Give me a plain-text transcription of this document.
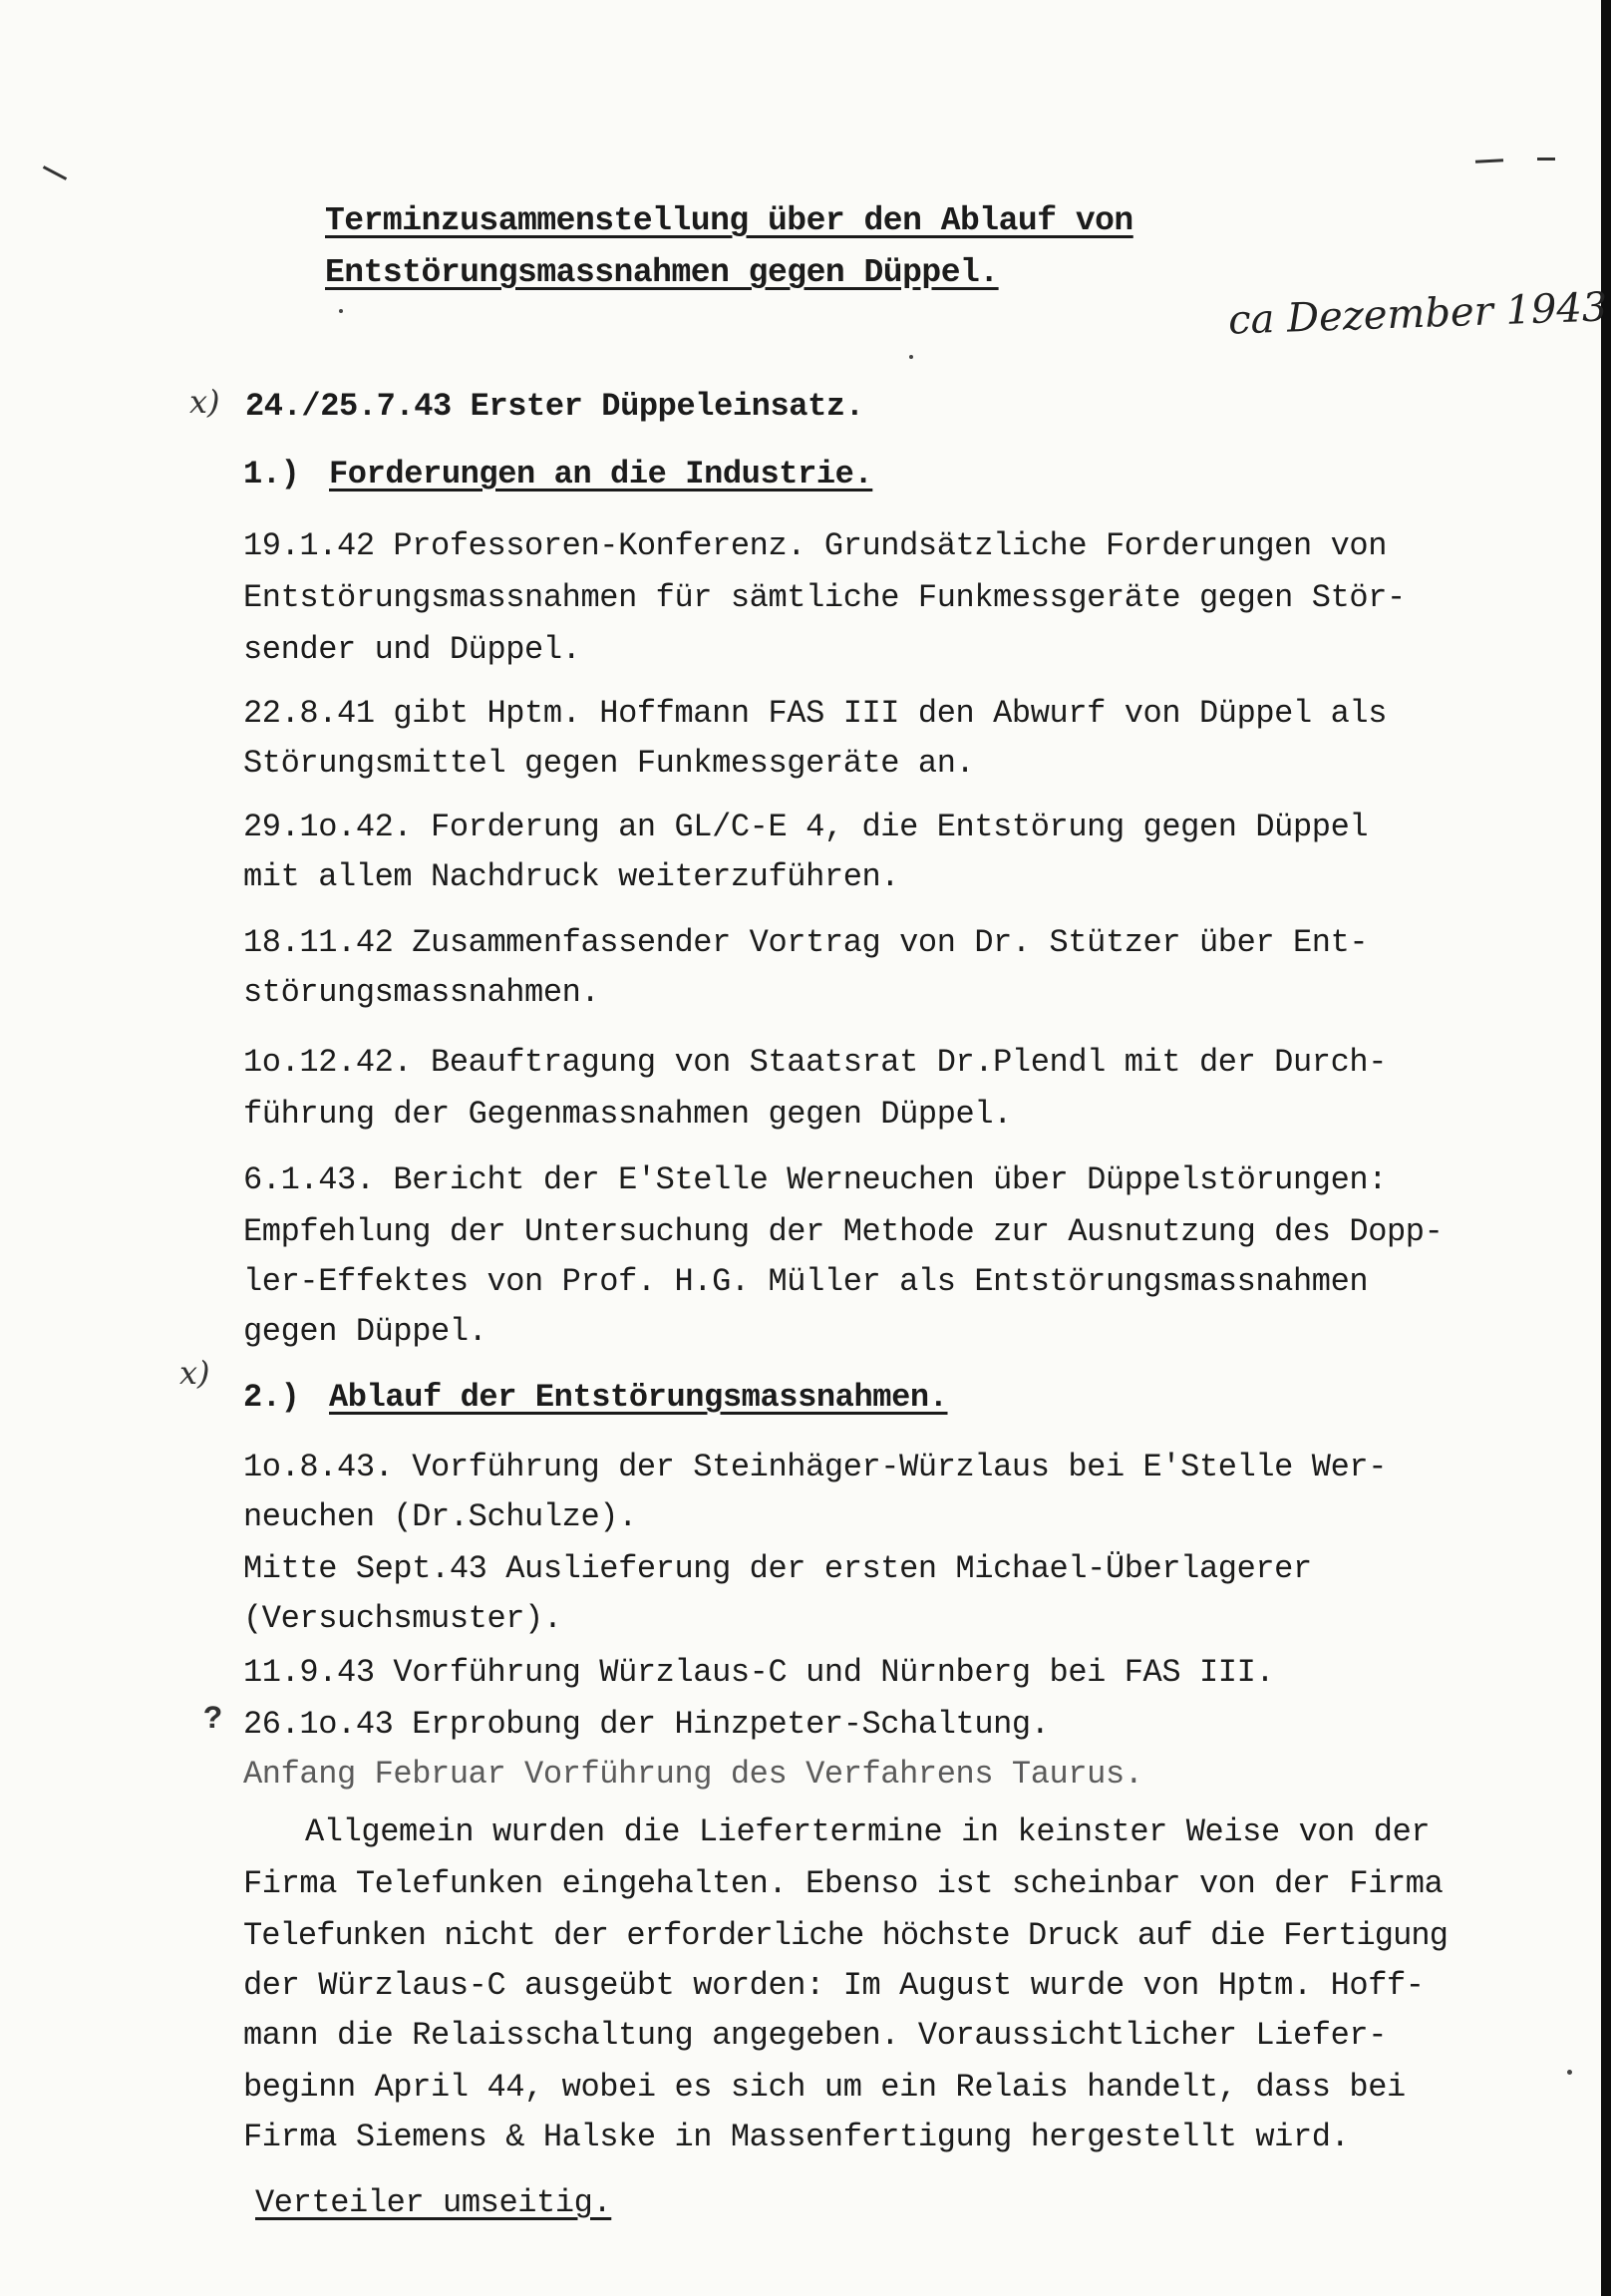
Terminzusammenstellung über den Ablauf von
Entstörungsmassnahmen gegen Düppel.
ca Dezember 1943
x) 24./25.7.43 Erster Düppeleinsatz.
1.) Forderungen an die Industrie.
19.1.42 Professoren-Konferenz. Grundsätzliche Forderungen von
Entstörungsmassnahmen für sämtliche Funkmessgeräte gegen Stör-
sender und Düppel.
22.8.41 gibt Hptm. Hoffmann FAS III den Abwurf von Düppel als
Störungsmittel gegen Funkmessgeräte an.
29.1o.42. Forderung an GL/C-E 4, die Entstörung gegen Düppel
mit allem Nachdruck weiterzuführen.
18.11.42 Zusammenfassender Vortrag von Dr. Stützer über Ent-
störungsmassnahmen.
1o.12.42. Beauftragung von Staatsrat Dr.Plendl mit der Durch-
führung der Gegenmassnahmen gegen Düppel.
6.1.43. Bericht der E'Stelle Werneuchen über Düppelstörungen:
Empfehlung der Untersuchung der Methode zur Ausnutzung des Dopp-
ler-Effektes von Prof. H.G. Müller als Entstörungsmassnahmen
gegen Düppel.
x)
2.) Ablauf der Entstörungsmassnahmen.
1o.8.43. Vorführung der Steinhäger-Würzlaus bei E'Stelle Wer-
neuchen (Dr.Schulze).
Mitte Sept.43 Auslieferung der ersten Michael-Überlagerer
(Versuchsmuster).
11.9.43 Vorführung Würzlaus-C und Nürnberg bei FAS III.
? 26.1o.43 Erprobung der Hinzpeter-Schaltung.
Anfang Februar Vorführung des Verfahrens Taurus.
Allgemein wurden die Liefertermine in keinster Weise von der
Firma Telefunken eingehalten. Ebenso ist scheinbar von der Firma
Telefunken nicht der erforderliche höchste Druck auf die Fertigung
der Würzlaus-C ausgeübt worden: Im August wurde von Hptm. Hoff-
mann die Relaisschaltung angegeben. Voraussichtlicher Liefer-
beginn April 44, wobei es sich um ein Relais handelt, dass bei
Firma Siemens & Halske in Massenfertigung hergestellt wird.
Verteiler umseitig.
